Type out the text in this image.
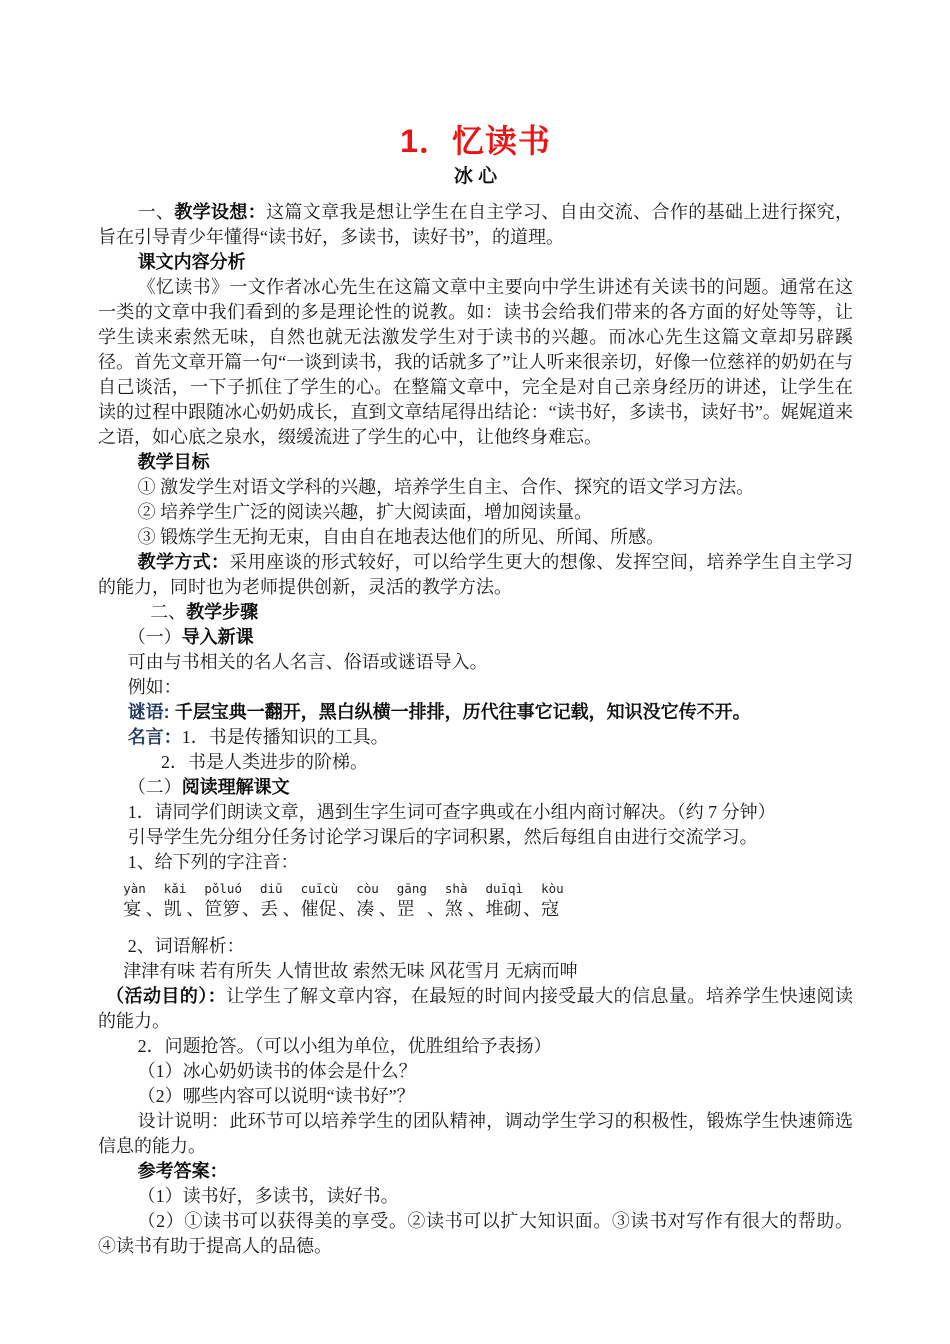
1．忆读书
冰 心

一、教学设想：这篇文章我是想让学生在自主学习、自由交流、合作的基础上进行探究，旨在引导青少年懂得“读书好，多读书，读好书”，的道理。

课文内容分析

《忆读书》一文作者冰心先生在这篇文章中主要向中学生讲述有关读书的问题。通常在这一类的文章中我们看到的多是理论性的说教。如：读书会给我们带来的各方面的好处等等，让学生读来索然无味，自然也就无法激发学生对于读书的兴趣。而冰心先生这篇文章却另辟蹊径。首先文章开篇一句“一谈到读书，我的话就多了”让人听来很亲切，好像一位慈祥的奶奶在与自己谈活，一下子抓住了学生的心。在整篇文章中，完全是对自己亲身经历的讲述，让学生在读的过程中跟随冰心奶奶成长，直到文章结尾得出结论：“读书好，多读书，读好书”。娓娓道来之语，如心底之泉水，缀缓流进了学生的心中，让他终身难忘。

教学目标

① 激发学生对语文学科的兴趣，培养学生自主、合作、探究的语文学习方法。

② 培养学生广泛的阅读兴趣，扩大阅读面，增加阅读量。

③ 锻炼学生无拘无束，自由自在地表达他们的所见、所闻、所感。

教学方式：采用座谈的形式较好，可以给学生更大的想像、发挥空间，培养学生自主学习的能力，同时也为老师提供创新，灵活的教学方法。

二、教学步骤

（一）导入新课

可由与书相关的名人名言、俗语或谜语导入。

例如：

谜语: 千层宝典一翻开，黑白纵横一排排，历代往事它记载，知识没它传不开。

名言：1．书是传播知识的工具。

2．书是人类进步的阶梯。

（二）阅读理解课文

1．请同学们朗读文章，遇到生字生词可查字典或在小组内商讨解决。（约 7 分钟）

引导学生先分组分任务讨论学习课后的字词积累，然后每组自由进行交流学习。

1、给下列的字注音：

yàn
宴 、
kǎi
凯 、
pǒluó
笸箩 、
diū
丢 、
cuīcù
催促 、
còu
凑 、
gāng
罡 、
shà
煞 、
duīqì
堆砌 、
kòu
寇

2、词语解析：

津津有味 若有所失 人情世故 索然无味 风花雪月 无病而呻

（活动目的）：让学生了解文章内容，在最短的时间内接受最大的信息量。培养学生快速阅读的能力。

2．问题抢答。（可以小组为单位，优胜组给予表扬）

（1）冰心奶奶读书的体会是什么？

（2）哪些内容可以说明“读书好”？

设计说明：此环节可以培养学生的团队精神，调动学生学习的积极性，锻炼学生快速筛选信息的能力。

参考答案：

（1）读书好，多读书，读好书。

（2）①读书可以获得美的享受。②读书可以扩大知识面。③读书对写作有很大的帮助。 ④读书有助于提高人的品德。
